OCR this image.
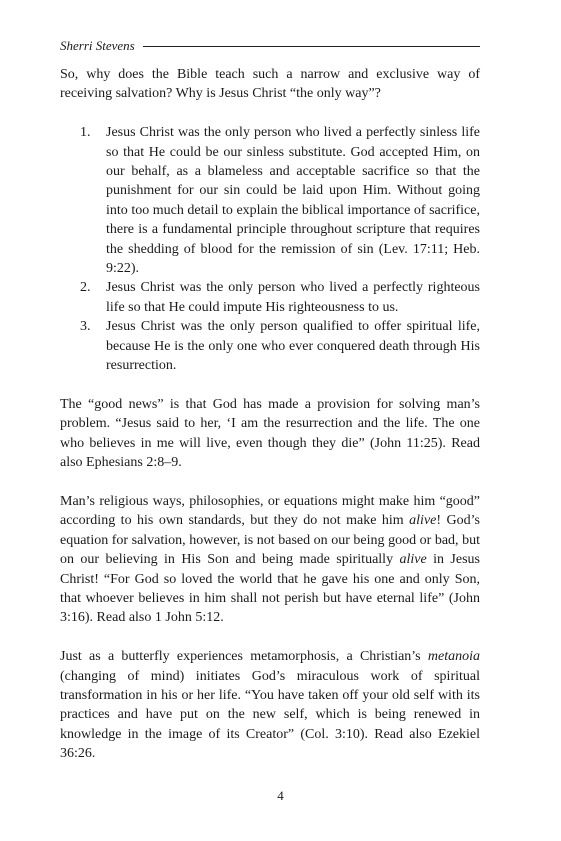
Sherri Stevens

So, why does the Bible teach such a narrow and exclusive way of receiving salvation? Why is Jesus Christ “the only way”?

1. Jesus Christ was the only person who lived a perfectly sinless life so that He could be our sinless substitute. God accepted Him, on our behalf, as a blameless and acceptable sacrifice so that the punishment for our sin could be laid upon Him. Without going into too much detail to explain the biblical importance of sacrifice, there is a fundamental principle throughout scripture that requires the shedding of blood for the remission of sin (Lev. 17:11; Heb. 9:22).
2. Jesus Christ was the only person who lived a perfectly righteous life so that He could impute His righteousness to us.
3. Jesus Christ was the only person qualified to offer spiritual life, because He is the only one who ever conquered death through His resurrection.

The “good news” is that God has made a provision for solving man’s problem. “Jesus said to her, ‘I am the resurrection and the life. The one who believes in me will live, even though they die” (John 11:25). Read also Ephesians 2:8–9.

Man’s religious ways, philosophies, or equations might make him “good” according to his own standards, but they do not make him alive! God’s equation for salvation, however, is not based on our being good or bad, but on our believing in His Son and being made spiritually alive in Jesus Christ! “For God so loved the world that he gave his one and only Son, that whoever believes in him shall not perish but have eternal life” (John 3:16). Read also 1 John 5:12.

Just as a butterfly experiences metamorphosis, a Christian’s metanoia (changing of mind) initiates God’s miraculous work of spiritual transformation in his or her life. “You have taken off your old self with its practices and have put on the new self, which is being renewed in knowledge in the image of its Creator” (Col. 3:10). Read also Ezekiel 36:26.

4
